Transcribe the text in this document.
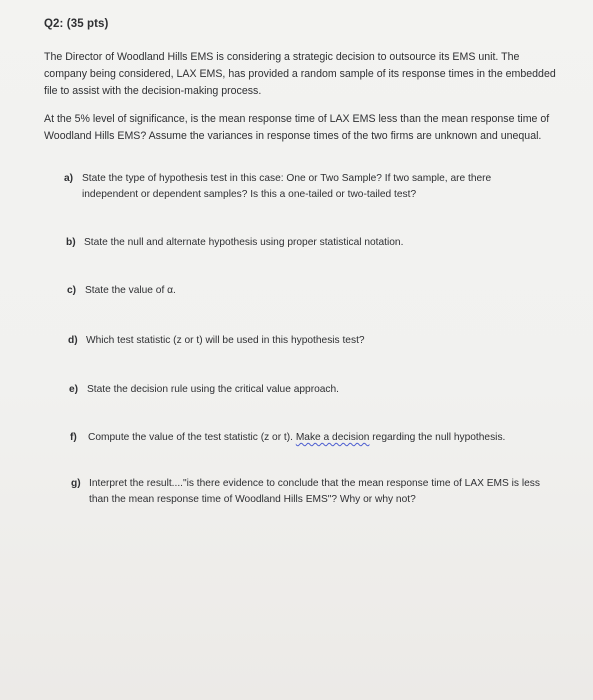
Q2: (35 pts)

The Director of Woodland Hills EMS is considering a strategic decision to outsource its EMS unit. The company being considered, LAX EMS, has provided a random sample of its response times in the embedded file to assist with the decision-making process.

At the 5% level of significance, is the mean response time of LAX EMS less than the mean response time of Woodland Hills EMS? Assume the variances in response times of the two firms are unknown and unequal.

a) State the type of hypothesis test in this case: One or Two Sample? If two sample, are there independent or dependent samples? Is this a one-tailed or two-tailed test?
b) State the null and alternate hypothesis using proper statistical notation.
c) State the value of α.
d) Which test statistic (z or t) will be used in this hypothesis test?
e) State the decision rule using the critical value approach.
f)	Compute the value of the test statistic (z or t). Make a decision regarding the null hypothesis.
g) Interpret the result...."is there evidence to conclude that the mean response time of LAX EMS is less than the mean response time of Woodland Hills EMS"? Why or why not?
